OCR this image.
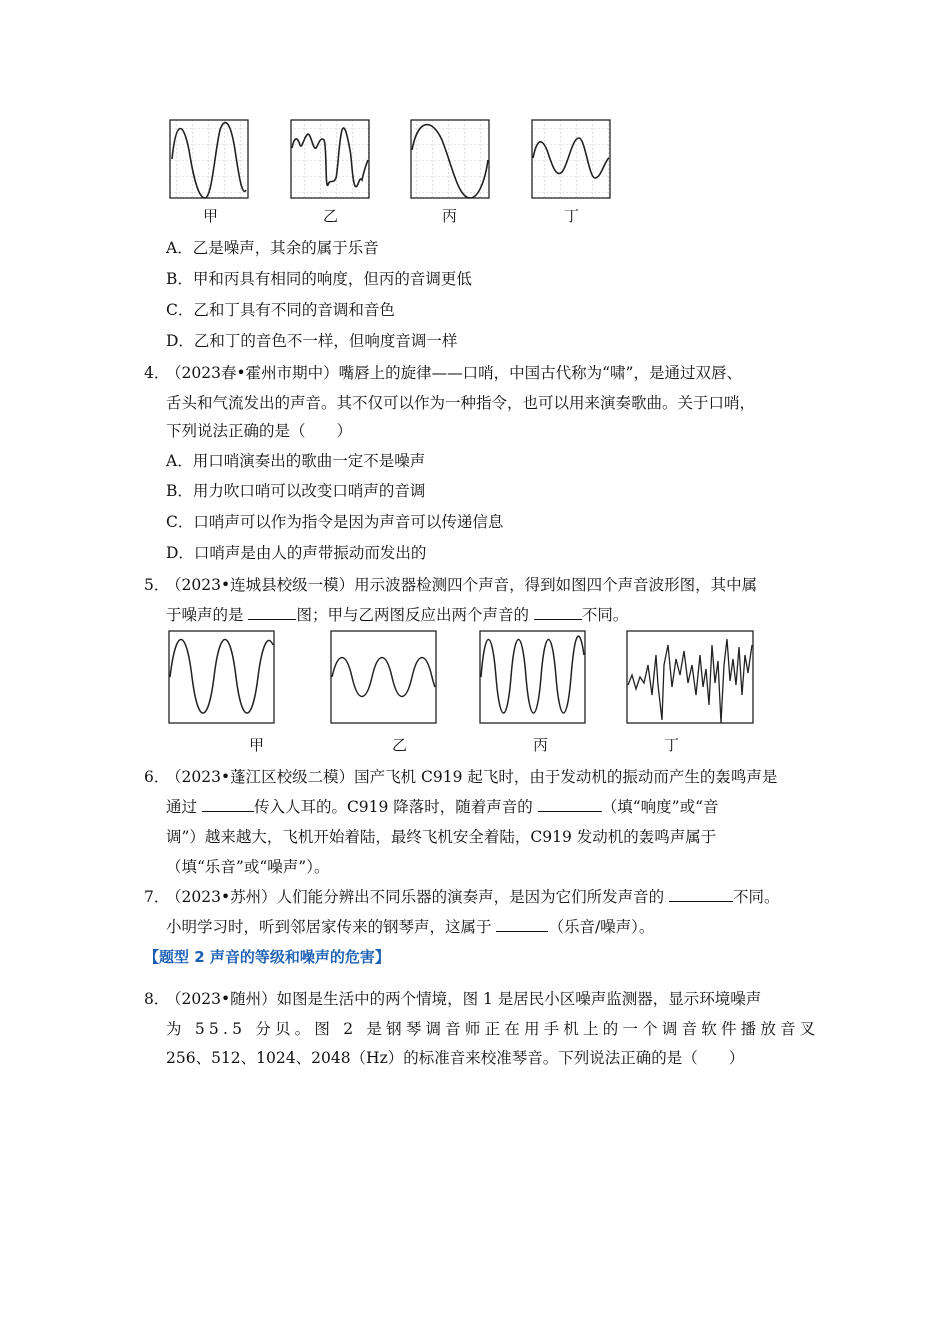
甲	乙	丙	丁
A．乙是噪声，其余的属于乐音
B．甲和丙具有相同的响度，但丙的音调更低
C．乙和丁具有不同的音调和音色
D．乙和丁的音色不一样，但响度音调一样
4．
（2023春•霍州市期中）嘴唇上的旋律——口哨，中国古代称为“啸”，是通过双唇、
舌头和气流发出的声音。其不仅可以作为一种指令，也可以用来演奏歌曲。关于口哨，
下列说法正确的是（　　）
A．用口哨演奏出的歌曲一定不是噪声
B．用力吹口哨可以改变口哨声的音调
C．口哨声可以作为指令是因为声音可以传递信息
D．口哨声是由人的声带振动而发出的
5．
（2023•连城县校级一模）用示波器检测四个声音，得到如图四个声音波形图，其中属
于噪声的是	图；甲与乙两图反应出两个声音的	不同。
甲	乙	丙	丁
6．
（2023•蓬江区校级二模）国产飞机 C919 起飞时，由于发动机的振动而产生的轰鸣声是
通过	传入人耳的。C919 降落时，随着声音的	（填“响度”或“音
调”）越来越大，飞机开始着陆，最终飞机安全着陆，C919 发动机的轰鸣声属于
（填“乐音”或“噪声”）。
7．
（2023•苏州）人们能分辨出不同乐器的演奏声，是因为它们所发声音的	不同。
小明学习时，听到邻居家传来的钢琴声，这属于	（乐音/噪声）。
【题型 2 声音的等级和噪声的危害】
8．
（2023•随州）如图是生活中的两个情境，图 1 是居民小区噪声监测器，显示环境噪声
为 55.5 分贝。图 2 是钢琴调音师正在用手机上的一个调音软件播放音叉
256、512、1024、2048（Hz）的标准音来校准琴音。下列说法正确的是（　　）
